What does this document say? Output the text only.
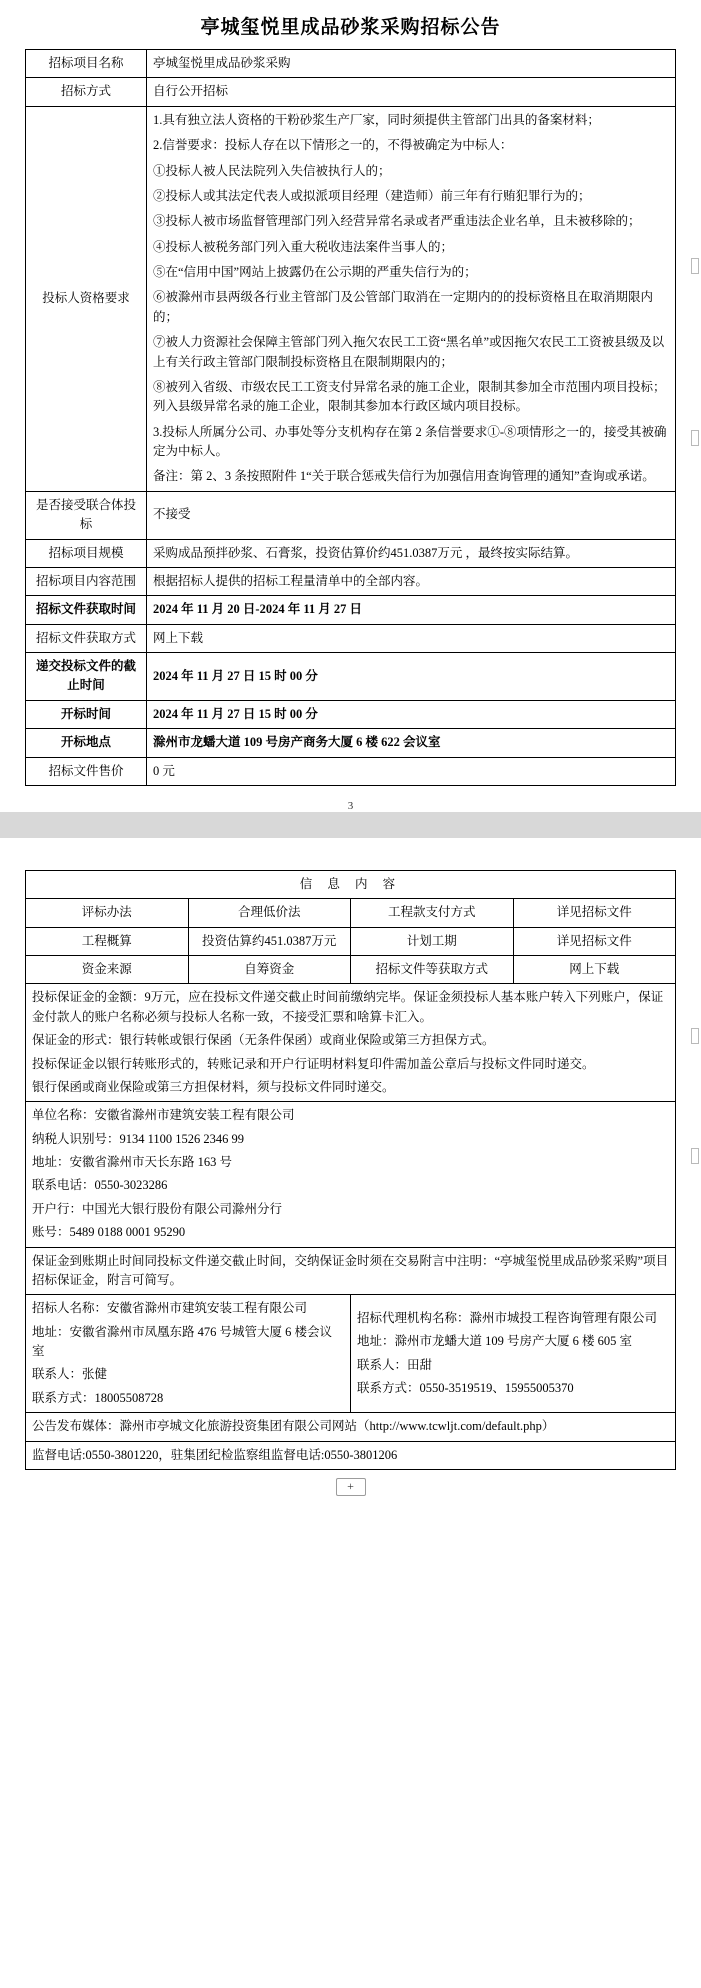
亭城玺悦里成品砂浆采购招标公告
招标项目名称	亭城玺悦里成品砂浆采购
招标方式	自行公开招标
投标人资格要求	

1.具有独立法人资格的干粉砂浆生产厂家，同时须提供主管部门出具的备案材料；

2.信誉要求：投标人存在以下情形之一的，不得被确定为中标人：

①投标人被人民法院列入失信被执行人的；

②投标人或其法定代表人或拟派项目经理（建造师）前三年有行贿犯罪行为的；

③投标人被市场监督管理部门列入经营异常名录或者严重违法企业名单，且未被移除的；

④投标人被税务部门列入重大税收违法案件当事人的；

⑤在“信用中国”网站上披露仍在公示期的严重失信行为的；

⑥被滁州市县两级各行业主管部门及公管部门取消在一定期内的的投标资格且在取消期限内的；

⑦被人力资源社会保障主管部门列入拖欠农民工工资“黑名单”或因拖欠农民工工资被县级及以上有关行政主管部门限制投标资格且在限制期限内的；

⑧被列入省级、市级农民工工资支付异常名录的施工企业，限制其参加全市范围内项目投标；列入县级异常名录的施工企业，限制其参加本行政区域内项目投标。

3.投标人所属分公司、办事处等分支机构存在第 2 条信誉要求①-⑧项情形之一的，接受其被确定为中标人。

备注：第 2、3 条按照附件 1“关于联合惩戒失信行为加强信用查询管理的通知”查询或承诺。

是否接受联合体投标	不接受
招标项目规模	采购成品预拌砂浆、石膏浆，投资估算价约451.0387万元 ，最终按实际结算。
招标项目内容范围	根据招标人提供的招标工程量清单中的全部内容。
招标文件获取时间	2024 年 11 月 20 日-2024 年 11 月 27 日
招标文件获取方式	网上下载
递交投标文件的截止时间	2024 年 11 月 27 日 15 时 00 分
开标时间	2024 年 11 月 27 日 15 时 00 分
开标地点	滁州市龙蟠大道 109 号房产商务大厦 6 楼 622 会议室
招标文件售价	0 元
3
信 息 内 容			
评标办法	合理低价法	工程款支付方式	详见招标文件
工程概算	投资估算约451.0387万元	计划工期	详见招标文件
资金来源	自筹资金	招标文件等获取方式	网上下载

投标保证金的金额：9万元，应在投标文件递交截止时间前缴纳完毕。保证金须投标人基本账户转入下列账户，保证金付款人的账户名称必须与投标人名称一致，不接受汇票和啥算卡汇入。

保证金的形式：银行转帐或银行保函（无条件保函）或商业保险或第三方担保方式。

投标保证金以银行转账形式的，转账记录和开户行证明材料复印件需加盖公章后与投标文件同时递交。

银行保函或商业保险或第三方担保材料，须与投标文件同时递交。			

单位名称：安徽省滁州市建筑安装工程有限公司

纳税人识别号：9134 1100 1526 2346 99

地址：安徽省滁州市天长东路 163 号

联系电话：0550-3023286

开户行：中国光大银行股份有限公司滁州分行

账号：5489 0188 0001 95290

保证金到账期止时间同投标文件递交截止时间，交纳保证金时须在交易附言中注明：“亭城玺悦里成品砂浆采购”项目招标保证金，附言可简写。			

招标人名称：安徽省滁州市建筑安装工程有限公司

地址：安徽省滁州市凤凰东路 476 号城管大厦 6 楼会议室

联系人：张健

联系方式：18005508728

招标代理机构名称：滁州市城投工程咨询管理有限公司

地址：滁州市龙蟠大道 109 号房产大厦 6 楼 605 室

联系人：田甜

联系方式：0550-3519519、15955005370

公告发布媒体：滁州市亭城文化旅游投资集团有限公司网站（http://www.tcwljt.com/default.php）			
监督电话:0550-3801220，驻集团纪检监察组监督电话:0550-3801206			
+
